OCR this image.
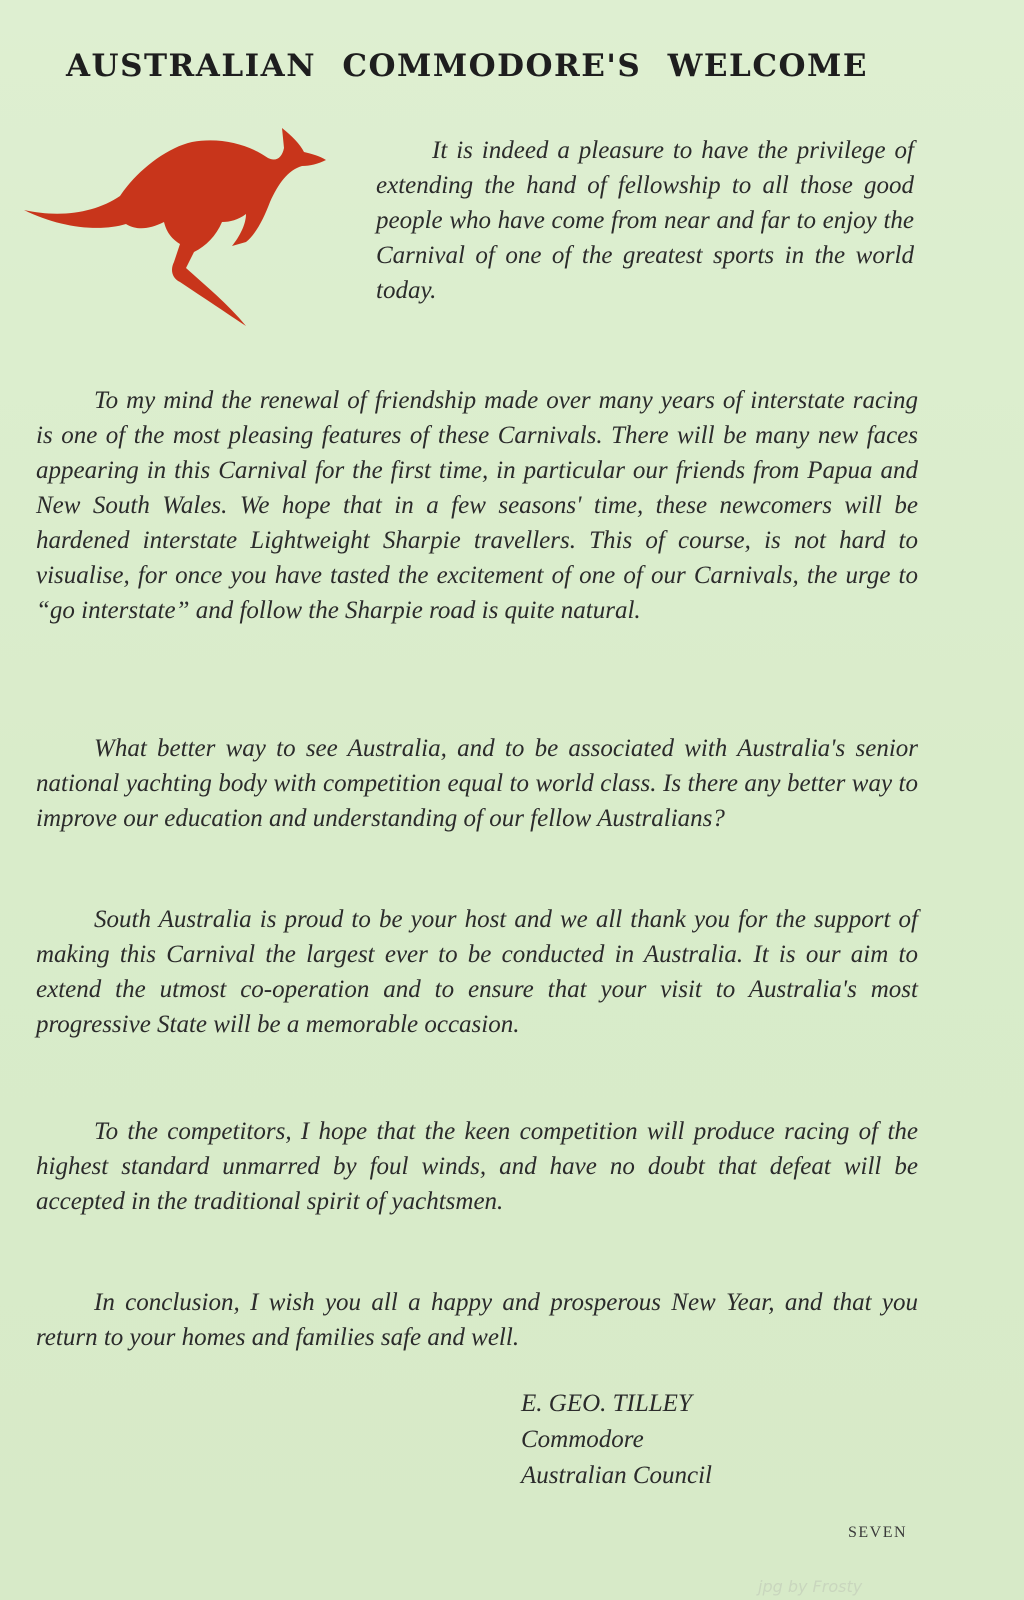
AUSTRALIAN COMMODORE'S WELCOME

It is indeed a pleasure to have the privilege of extending the hand of fellowship to all those good people who have come from near and far to enjoy the Carnival of one of the greatest sports in the world today.

To my mind the renewal of friendship made over many years of interstate racing is one of the most pleasing features of these Carnivals. There will be many new faces appearing in this Carnival for the first time, in particular our friends from Papua and New South Wales. We hope that in a few seasons' time, these newcomers will be hardened interstate Lightweight Sharpie travellers. This of course, is not hard to visualise, for once you have tasted the excitement of one of our Carnivals, the urge to “go interstate” and follow the Sharpie road is quite natural.

What better way to see Australia, and to be associated with Australia's senior national yachting body with competition equal to world class. Is there any better way to improve our education and understanding of our fellow Australians?

South Australia is proud to be your host and we all thank you for the support of making this Carnival the largest ever to be conducted in Australia. It is our aim to extend the utmost co-operation and to ensure that your visit to Australia's most progressive State will be a memorable occasion.

To the competitors, I hope that the keen competition will produce racing of the highest standard unmarred by foul winds, and have no doubt that defeat will be accepted in the traditional spirit of yachtsmen.

In conclusion, I wish you all a happy and prosperous New Year, and that you return to your homes and families safe and well.

E. GEO. TILLEY
Commodore
Australian Council
SEVEN
jpg by Frosty
